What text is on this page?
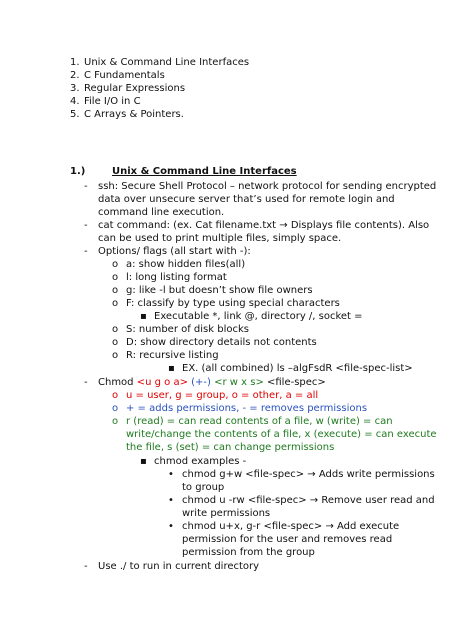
1. Unix & Command Line Interfaces
2. C Fundamentals
3. Regular Expressions
4. File I/O in C
5. C Arrays & Pointers.
1.)	Unix & Command Line Interfaces
- ssh: Secure Shell Protocol – network protocol for sending encrypted
data over unsecure server that’s used for remote login and
command line execution.
- cat command: (ex. Cat filename.txt → Displays file contents). Also
can be used to print multiple files, simply space.
- Options/ flags (all start with -):
o a: show hidden files(all)
o l: long listing format
o g: like -l but doesn’t show file owners
o F: classify by type using special characters
▪ Executable *, link @, directory /, socket =
o S: number of disk blocks
o D: show directory details not contents
o R: recursive listing
▪ EX. (all combined) ls –algFsdR <file-spec-list>
- Chmod <u g o a> (+-) <r w x s> <file-spec>
o u = user, g = group, o = other, a = all
o + = adds permissions, - = removes permissions
o r (read) = can read contents of a file, w (write) = can
write/change the contents of a file, x (execute) = can execute
the file, s (set) = can change permissions
▪ chmod examples -
• chmod g+w <file-spec> → Adds write permissions
to group
• chmod u -rw <file-spec> → Remove user read and
write permissions
• chmod u+x, g-r <file-spec> → Add execute
permission for the user and removes read
permission from the group
- Use ./ to run in current directory
